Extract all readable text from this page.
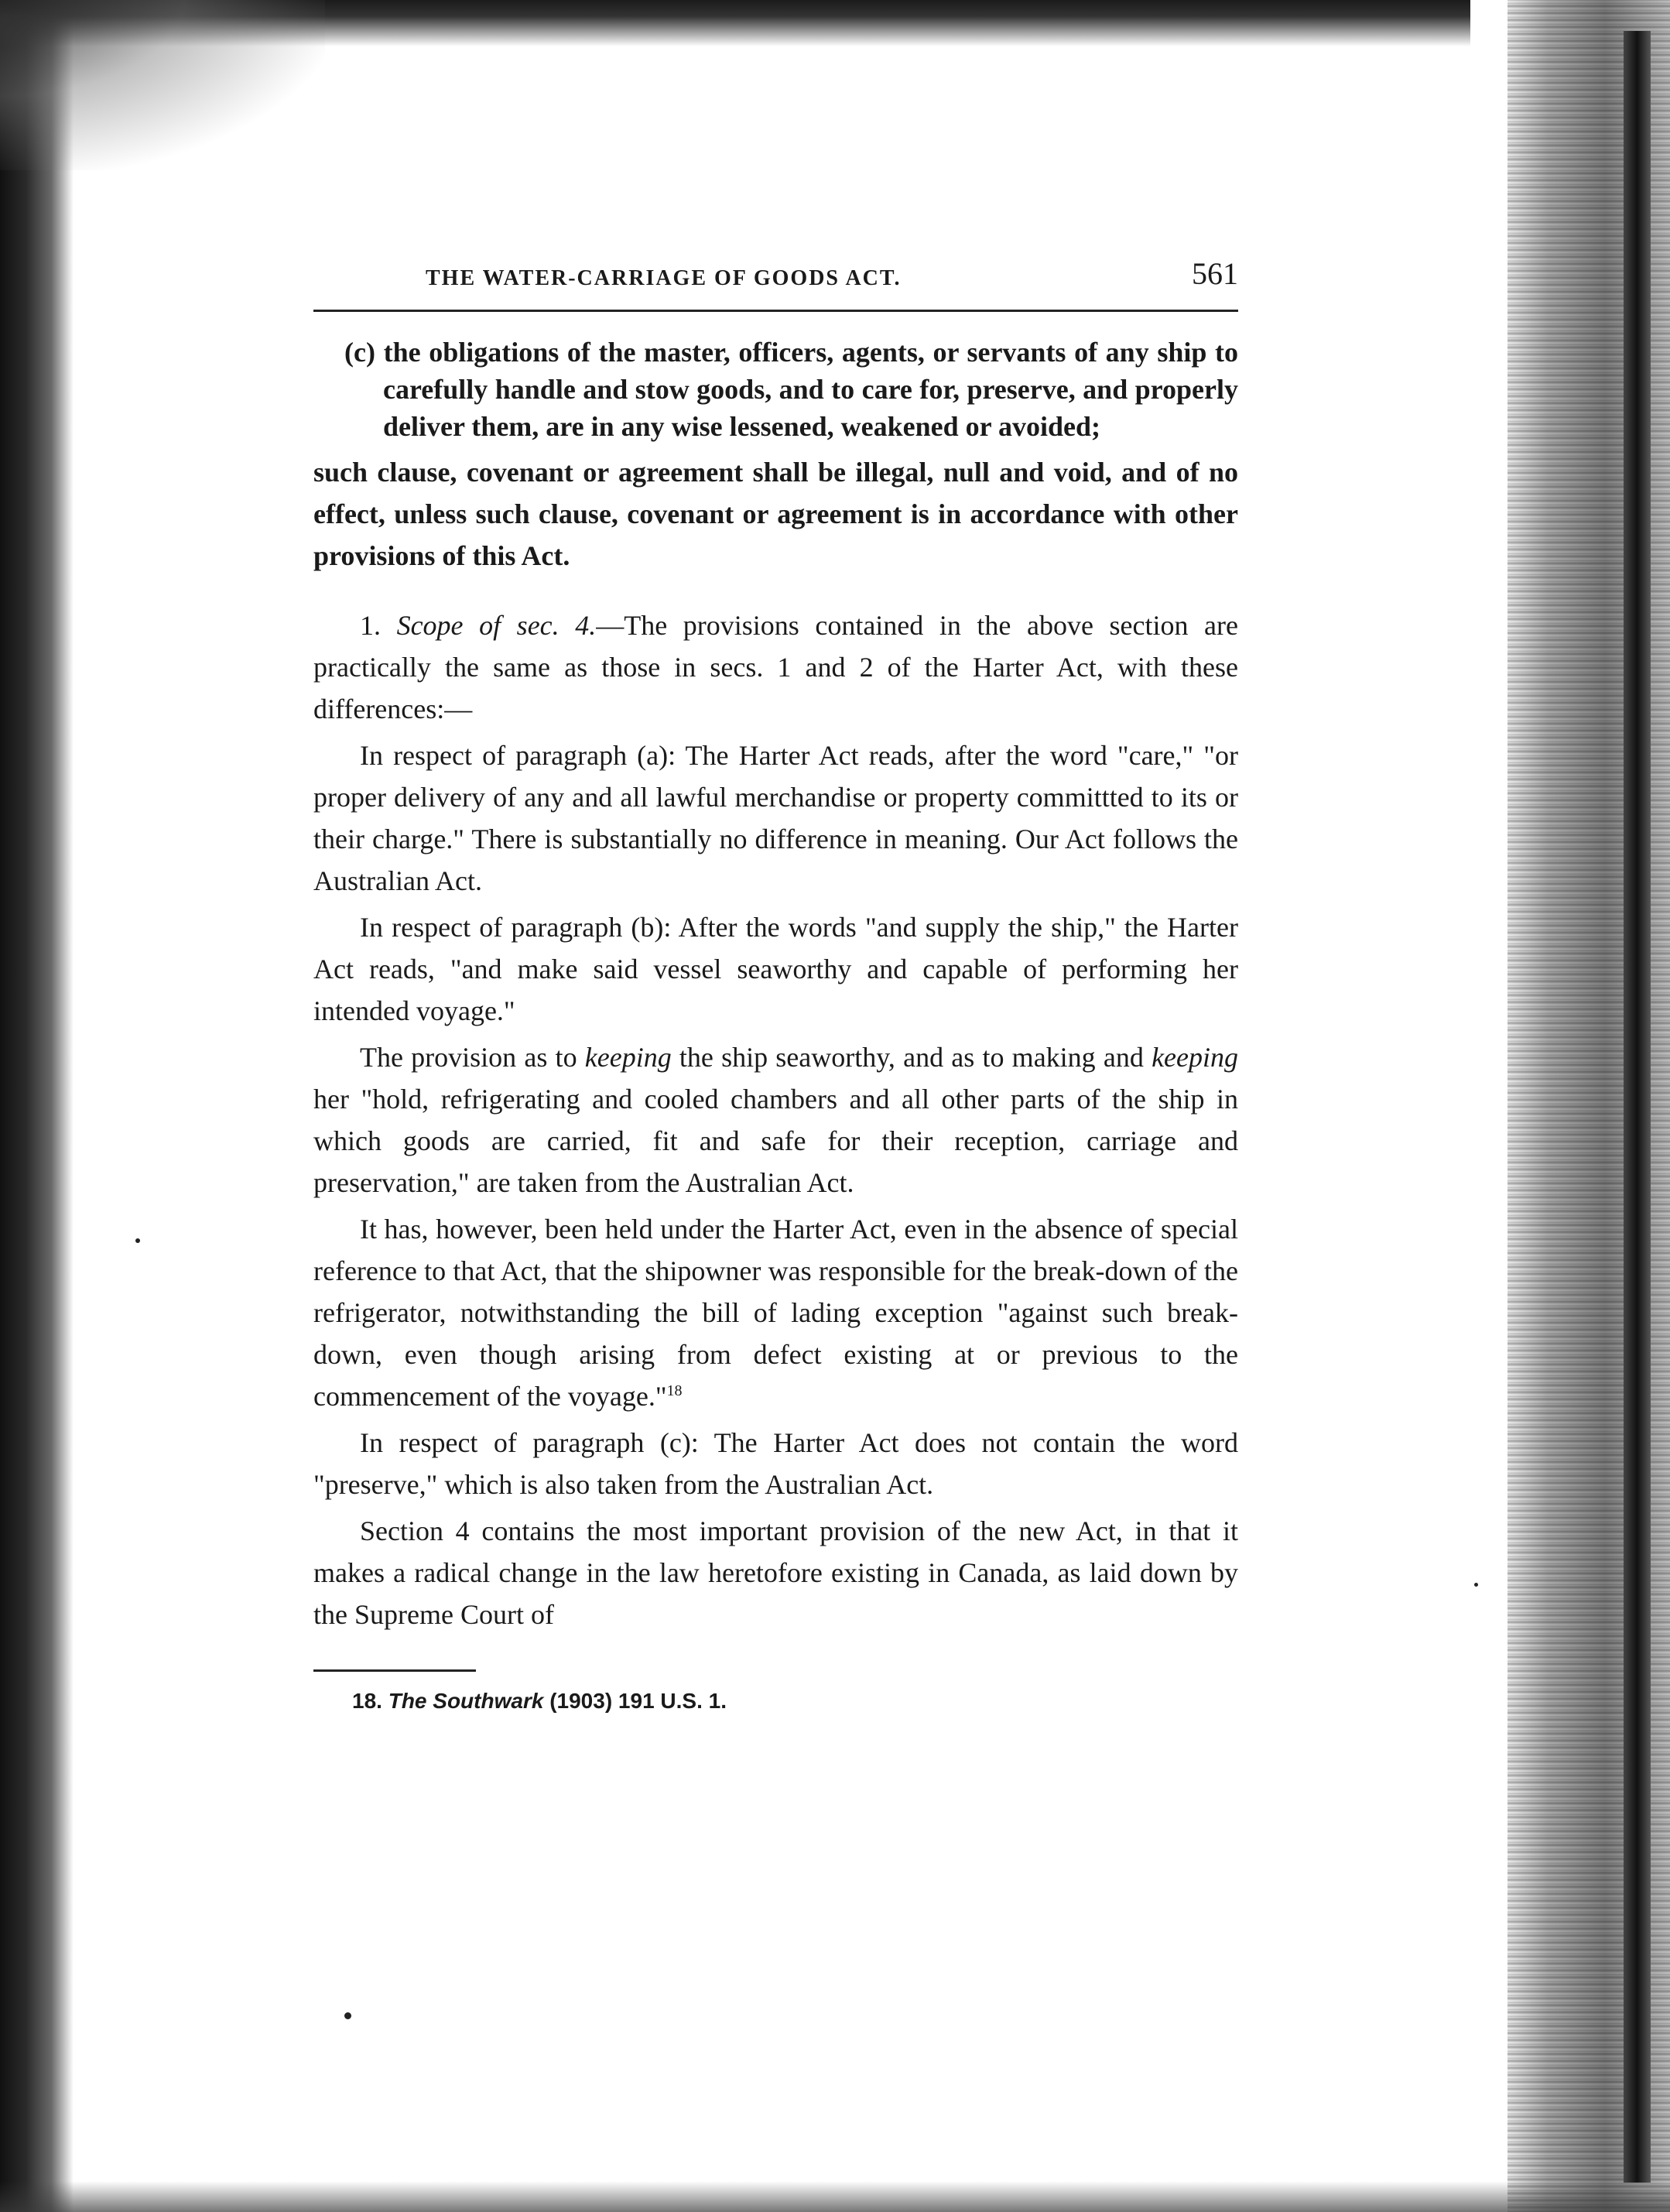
THE WATER-CARRIAGE OF GOODS ACT.	561

(c) the obligations of the master, officers, agents, or servants of any ship to carefully handle and stow goods, and to care for, preserve, and properly deliver them, are in any wise lessened, weakened or avoided;

such clause, covenant or agreement shall be illegal, null and void, and of no effect, unless such clause, covenant or agreement is in accordance with other provisions of this Act.

1. Scope of sec. 4.—The provisions contained in the above section are practically the same as those in secs. 1 and 2 of the Harter Act, with these differences:—

In respect of paragraph (a): The Harter Act reads, after the word "care," "or proper delivery of any and all lawful merchandise or property committted to its or their charge." There is substantially no difference in meaning. Our Act follows the Australian Act.

In respect of paragraph (b): After the words "and supply the ship," the Harter Act reads, "and make said vessel seaworthy and capable of performing her intended voyage."

The provision as to keeping the ship seaworthy, and as to making and keeping her "hold, refrigerating and cooled chambers and all other parts of the ship in which goods are carried, fit and safe for their reception, carriage and preservation," are taken from the Australian Act.

It has, however, been held under the Harter Act, even in the absence of special reference to that Act, that the shipowner was responsible for the break-down of the refrigerator, notwithstanding the bill of lading exception "against such break-down, even though arising from defect existing at or previous to the commencement of the voyage."$^{18}$

In respect of paragraph (c): The Harter Act does not contain the word "preserve," which is also taken from the Australian Act.

Section 4 contains the most important provision of the new Act, in that it makes a radical change in the law heretofore existing in Canada, as laid down by the Supreme Court of

18. The Southwark (1903) 191 U.S. 1.
